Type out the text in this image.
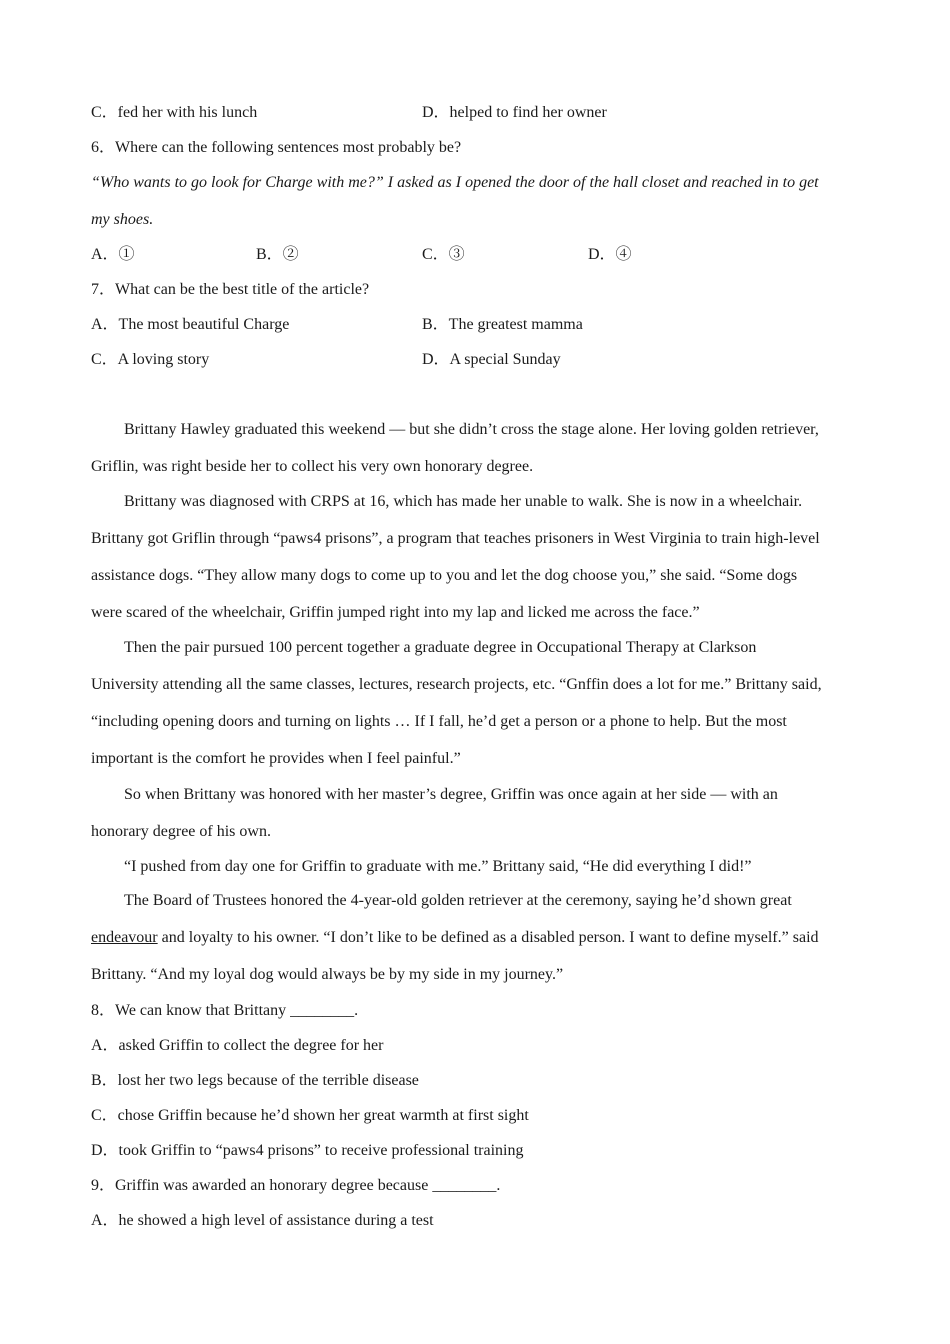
C．fed her with his lunch	D．helped to find her owner
6．Where can the following sentences most probably be?
“Who wants to go look for Charge with me?” I asked as I opened the door of the hall closet and reached in to get
my shoes.
A．①	B．②	C．③	D．④
7．What can be the best title of the article?
A．The most beautiful Charge	B．The greatest mamma
C．A loving story	D．A special Sunday
Brittany Hawley graduated this weekend — but she didn’t cross the stage alone. Her loving golden retriever,
Griflin, was right beside her to collect his very own honorary degree.
Brittany was diagnosed with CRPS at 16, which has made her unable to walk. She is now in a wheelchair.
Brittany got Griflin through “paws4 prisons”, a program that teaches prisoners in West Virginia to train high-level
assistance dogs. “They allow many dogs to come up to you and let the dog choose you,” she said. “Some dogs
were scared of the wheelchair, Griffin jumped right into my lap and licked me across the face.”
Then the pair pursued 100 percent together a graduate degree in Occupational Therapy at Clarkson
University attending all the same classes, lectures, research projects, etc. “Gnffin does a lot for me.” Brittany said,
“including opening doors and turning on lights … If I fall, he’d get a person or a phone to help. But the most
important is the comfort he provides when I feel painful.”
So when Brittany was honored with her master’s degree, Griffin was once again at her side — with an
honorary degree of his own.
“I pushed from day one for Griffin to graduate with me.” Brittany said, “He did everything I did!”
The Board of Trustees honored the 4-year-old golden retriever at the ceremony, saying he’d shown great
endeavour and loyalty to his owner. “I don’t like to be defined as a disabled person. I want to define myself.” said
Brittany. “And my loyal dog would always be by my side in my journey.”
8．We can know that Brittany ________.
A．asked Griffin to collect the degree for her
B．lost her two legs because of the terrible disease
C．chose Griffin because he’d shown her great warmth at first sight
D．took Griffin to “paws4 prisons” to receive professional training
9．Griffin was awarded an honorary degree because ________.
A．he showed a high level of assistance during a test
